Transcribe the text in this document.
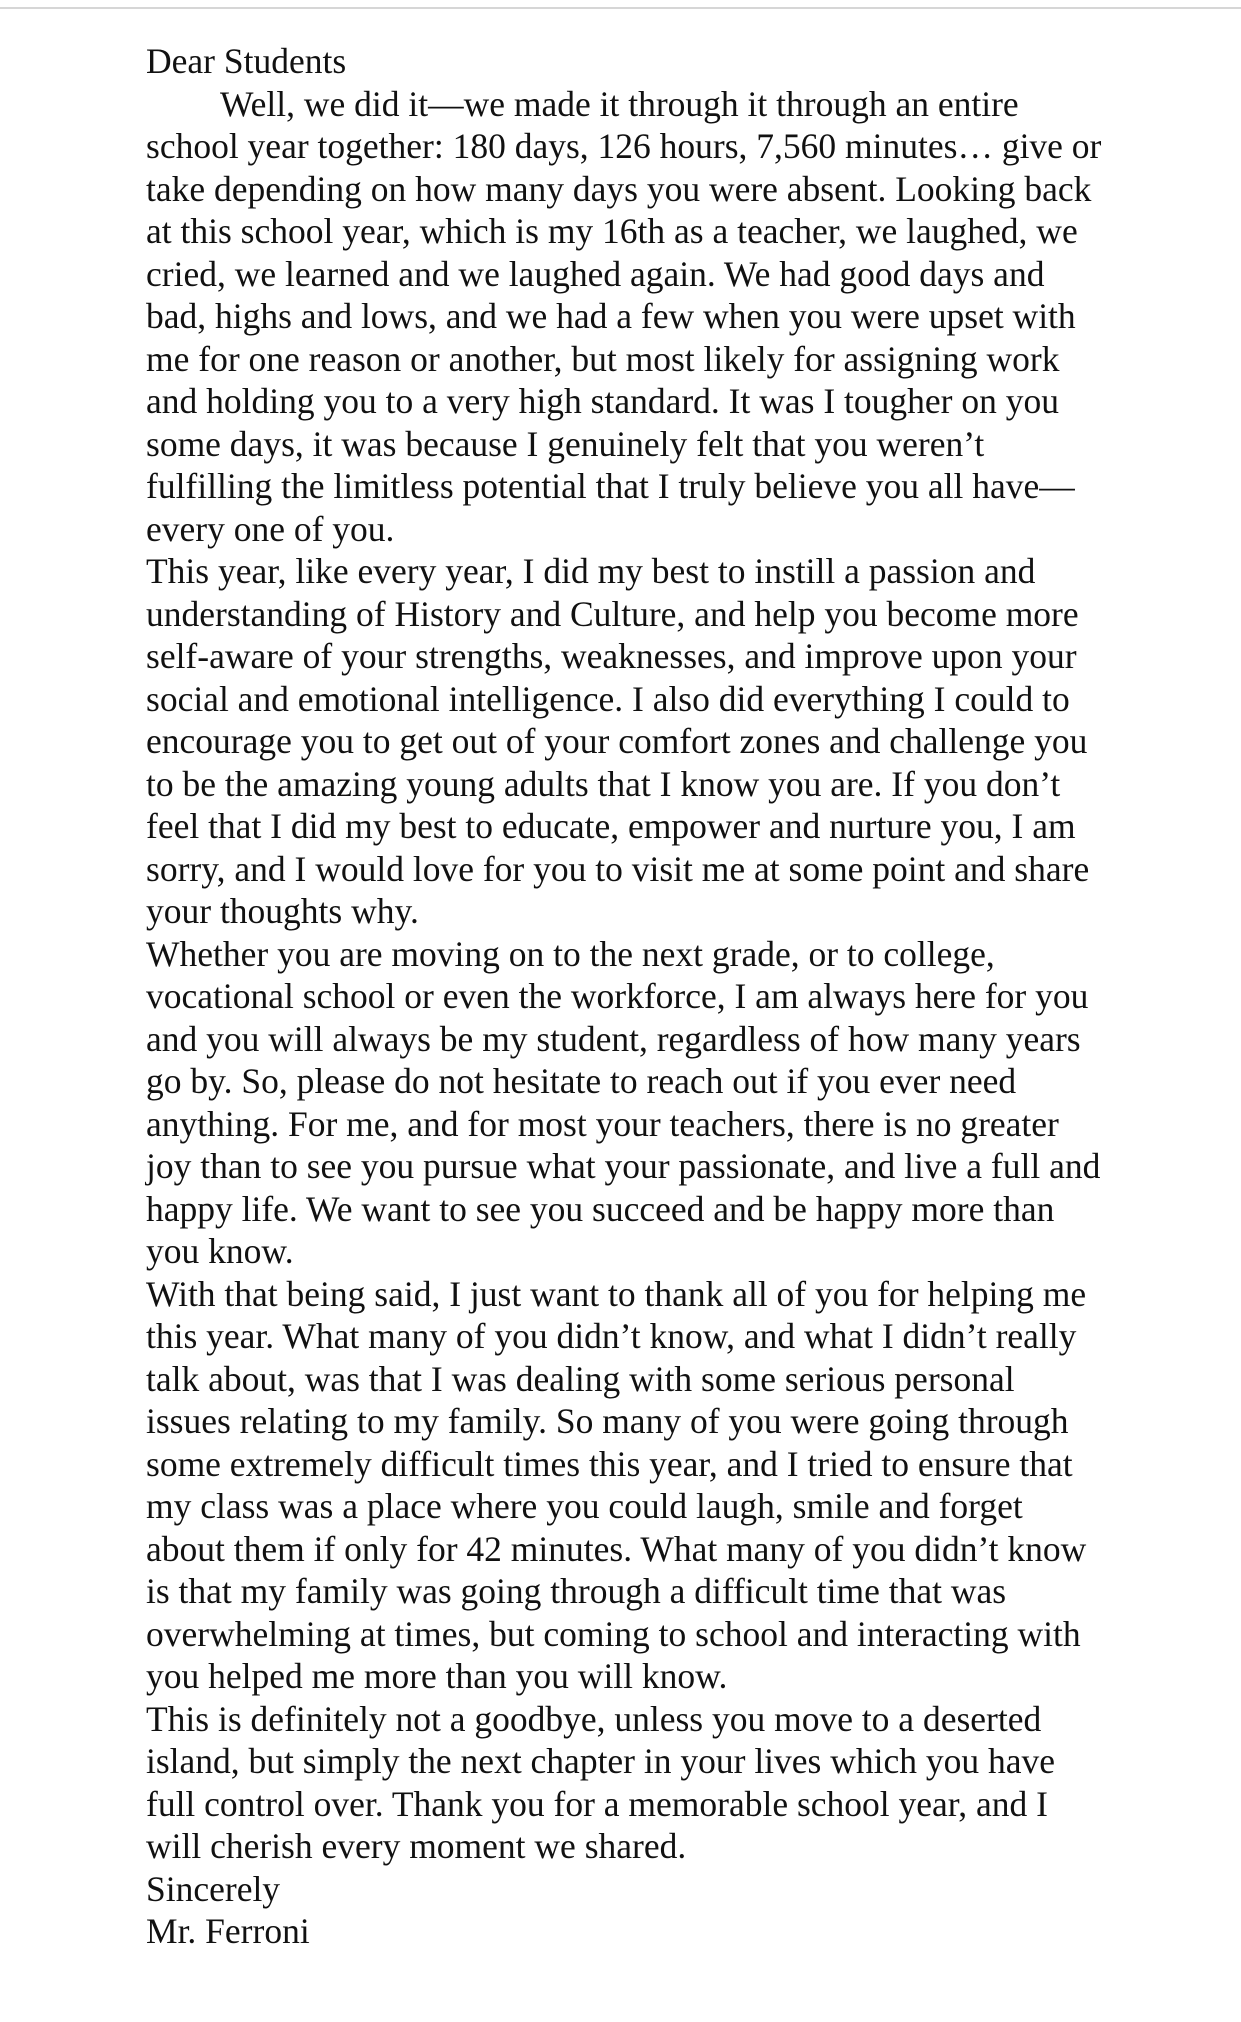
Dear Students

Well, we did it—we made it through it through an entire school year together: 180 days, 126 hours, 7,560 minutes… give or take depending on how many days you were absent. Looking back at this school year, which is my 16th as a teacher, we laughed, we cried, we learned and we laughed again. We had good days and bad, highs and lows, and we had a few when you were upset with me for one reason or another, but most likely for assigning work and holding you to a very high standard. It was I tougher on you some days, it was because I genuinely felt that you weren’t fulfilling the limitless potential that I truly believe you all have—every one of you.

This year, like every year, I did my best to instill a passion and understanding of History and Culture, and help you become more self-aware of your strengths, weaknesses, and improve upon your social and emotional intelligence. I also did everything I could to encourage you to get out of your comfort zones and challenge you to be the amazing young adults that I know you are. If you don’t feel that I did my best to educate, empower and nurture you, I am sorry, and I would love for you to visit me at some point and share your thoughts why.

Whether you are moving on to the next grade, or to college, vocational school or even the workforce, I am always here for you and you will always be my student, regardless of how many years go by. So, please do not hesitate to reach out if you ever need anything. For me, and for most your teachers, there is no greater joy than to see you pursue what your passionate, and live a full and happy life. We want to see you succeed and be happy more than you know.

With that being said, I just want to thank all of you for helping me this year. What many of you didn’t know, and what I didn’t really talk about, was that I was dealing with some serious personal issues relating to my family. So many of you were going through some extremely difficult times this year, and I tried to ensure that my class was a place where you could laugh, smile and forget about them if only for 42 minutes. What many of you didn’t know is that my family was going through a difficult time that was overwhelming at times, but coming to school and interacting with you helped me more than you will know.

This is definitely not a goodbye, unless you move to a deserted island, but simply the next chapter in your lives which you have full control over. Thank you for a memorable school year, and I will cherish every moment we shared.

Sincerely

Mr. Ferroni
